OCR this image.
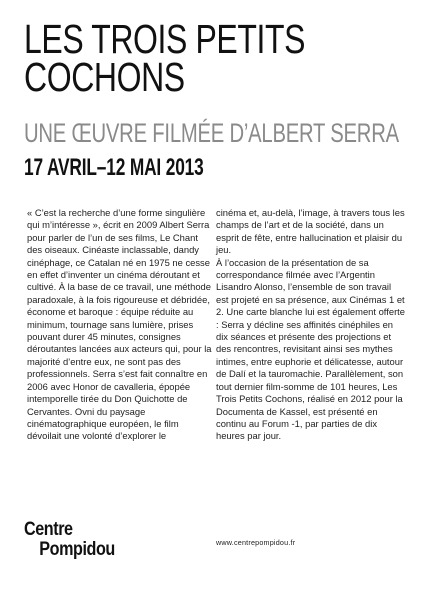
LES TROIS PETITS
COCHONS
UNE ŒUVRE FILMÉE D’ALBERT SERRA
17 AVRIL–12 MAI 2013

« C’est la recherche d’une forme singulière qui m’intéresse », écrit en 2009 Albert Serra pour parler de l’un de ses films, Le Chant des oiseaux. Cinéaste inclassable, dandy cinéphage, ce Catalan né en 1975 ne cesse en effet d’inventer un cinéma déroutant et cultivé. À la base de ce travail, une méthode paradoxale, à la fois rigoureuse et débridée, économe et baroque : équipe réduite au minimum, tournage sans lumière, prises pouvant durer 45 minutes, consignes déroutantes lancées aux acteurs qui, pour la majorité d’entre eux, ne sont pas des professionnels. Serra s’est fait connaître en 2006 avec Honor de cavalleria, épopée intemporelle tirée du Don Quichotte de Cervantes. Ovni du paysage cinématographique européen, le film dévoilait une volonté d’explorer le

cinéma et, au-delà, l’image, à travers tous les champs de l’art et de la société, dans un esprit de fête, entre hallucination et plaisir du jeu.

À l’occasion de la présentation de sa correspondance filmée avec l’Argentin Lisandro Alonso, l’ensemble de son travail est projeté en sa présence, aux Cinémas 1 et 2. Une carte blanche lui est également offerte : Serra y décline ses affinités cinéphiles en dix séances et présente des projections et des rencontres, revisitant ainsi ses mythes intimes, entre euphorie et délicatesse, autour de Dalí et la tauromachie. Parallèlement, son tout dernier film-somme de 101 heures, Les Trois Petits Cochons, réalisé en 2012 pour la Documenta de Kassel, est présenté en continu au Forum -1, par parties de dix heures par jour.

Centre
Pompidou	www.centrepompidou.fr
